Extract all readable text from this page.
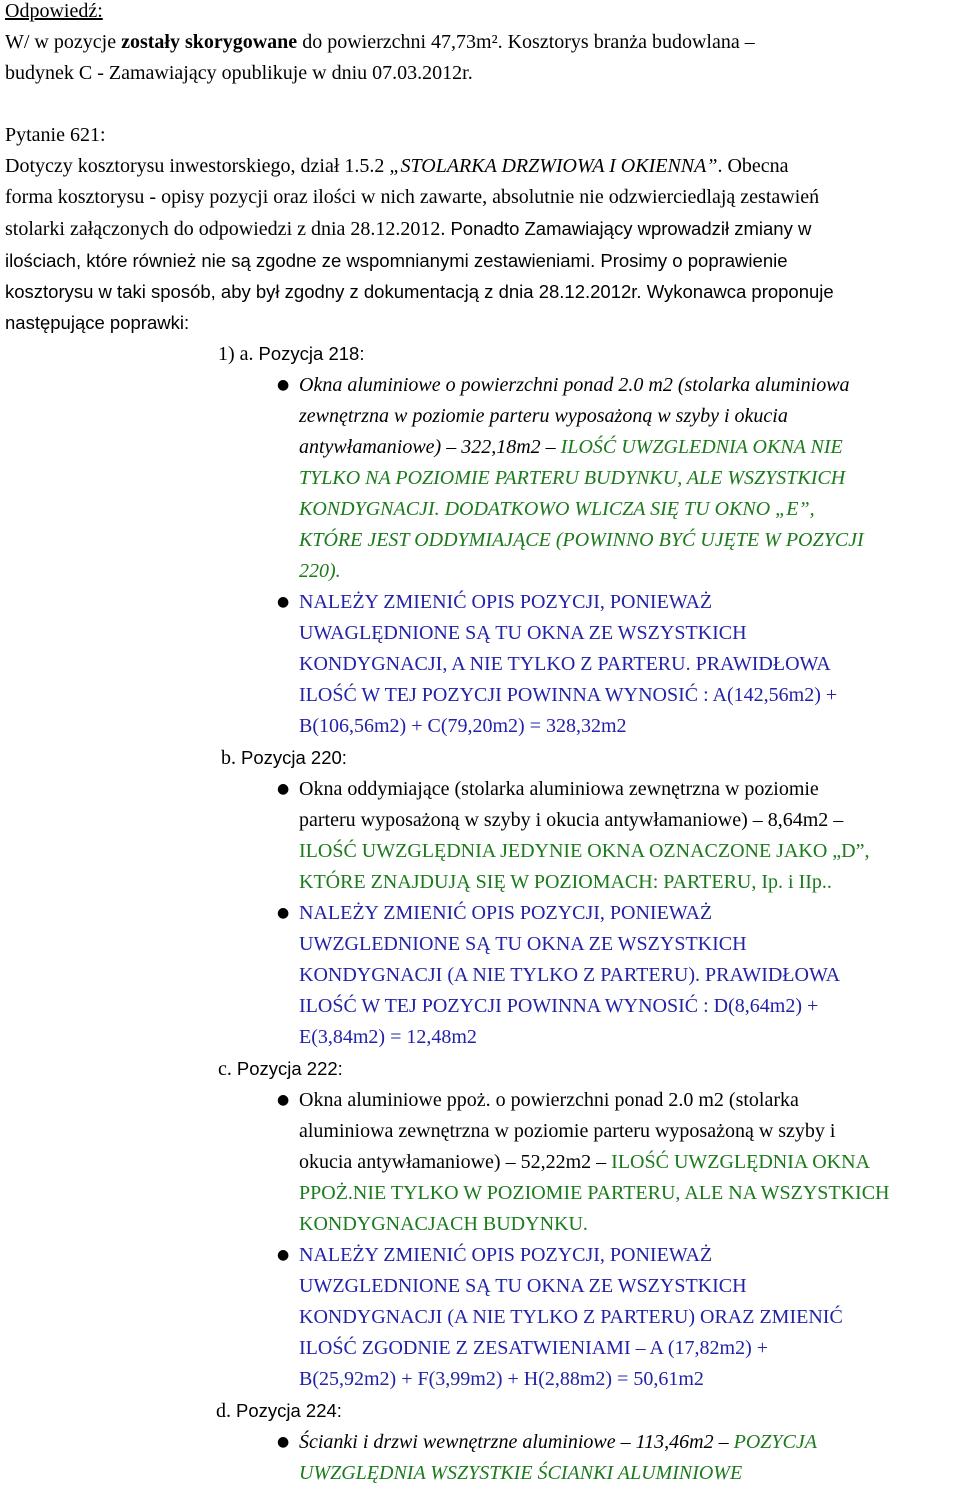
Odpowiedź:
W/ w pozycje zostały skorygowane do powierzchni 47,73m². Kosztorys branża budowlana –
budynek C - Zamawiający opublikuje w dniu 07.03.2012r.
Pytanie 621:
Dotyczy kosztorysu inwestorskiego, dział 1.5.2 „STOLARKA DRZWIOWA I OKIENNA”. Obecna
forma kosztorysu - opisy pozycji oraz ilości w nich zawarte, absolutnie nie odzwierciedlają zestawień
stolarki załączonych do odpowiedzi z dnia 28.12.2012. Ponadto Zamawiający wprowadził zmiany w
ilościach, które również nie są zgodne ze wspomnianymi zestawieniami. Prosimy o poprawienie
kosztorysu w taki sposób, aby był zgodny z dokumentacją z dnia 28.12.2012r. Wykonawca proponuje
następujące poprawki:
1) a. Pozycja 218:
● Okna aluminiowe o powierzchni ponad 2.0 m2 (stolarka aluminiowa
zewnętrzna w poziomie parteru wyposażoną w szyby i okucia
antywłamaniowe) – 322,18m2 – ILOŚĆ UWZGLEDNIA OKNA NIE
TYLKO NA POZIOMIE PARTERU BUDYNKU, ALE WSZYSTKICH
KONDYGNACJI. DODATKOWO WLICZA SIĘ TU OKNO „E”,
KTÓRE JEST ODDYMIAJĄCE (POWINNO BYĆ UJĘTE W POZYCJI
220).
● NALEŻY ZMIENIĆ OPIS POZYCJI, PONIEWAŻ
UWAGLĘDNIONE SĄ TU OKNA ZE WSZYSTKICH
KONDYGNACJI, A NIE TYLKO Z PARTERU. PRAWIDŁOWA
ILOŚĆ W TEJ POZYCJI POWINNA WYNOSIĆ : A(142,56m2) +
B(106,56m2) + C(79,20m2) = 328,32m2
b. Pozycja 220:
● Okna oddymiające (stolarka aluminiowa zewnętrzna w poziomie
parteru wyposażoną w szyby i okucia antywłamaniowe) – 8,64m2 –
ILOŚĆ UWZGLĘDNIA JEDYNIE OKNA OZNACZONE JAKO „D”,
KTÓRE ZNAJDUJĄ SIĘ W POZIOMACH: PARTERU, Ip. i IIp..
● NALEŻY ZMIENIĆ OPIS POZYCJI, PONIEWAŻ
UWZGLEDNIONE SĄ TU OKNA ZE WSZYSTKICH
KONDYGNACJI (A NIE TYLKO Z PARTERU). PRAWIDŁOWA
ILOŚĆ W TEJ POZYCJI POWINNA WYNOSIĆ : D(8,64m2) +
E(3,84m2) = 12,48m2
c. Pozycja 222:
● Okna aluminiowe ppoż. o powierzchni ponad 2.0 m2 (stolarka
aluminiowa zewnętrzna w poziomie parteru wyposażoną w szyby i
okucia antywłamaniowe) – 52,22m2 – ILOŚĆ UWZGLĘDNIA OKNA
PPOŻ.NIE TYLKO W POZIOMIE PARTERU, ALE NA WSZYSTKICH
KONDYGNACJACH BUDYNKU.
● NALEŻY ZMIENIĆ OPIS POZYCJI, PONIEWAŻ
UWZGLEDNIONE SĄ TU OKNA ZE WSZYSTKICH
KONDYGNACJI (A NIE TYLKO Z PARTERU) ORAZ ZMIENIĆ
ILOŚĆ ZGODNIE Z ZESATWIENIAMI – A (17,82m2) +
B(25,92m2) + F(3,99m2) + H(2,88m2) = 50,61m2
d. Pozycja 224:
● Ścianki i drzwi wewnętrzne aluminiowe – 113,46m2 – POZYCJA
UWZGLĘDNIA WSZYSTKIE ŚCIANKI ALUMINIOWE
